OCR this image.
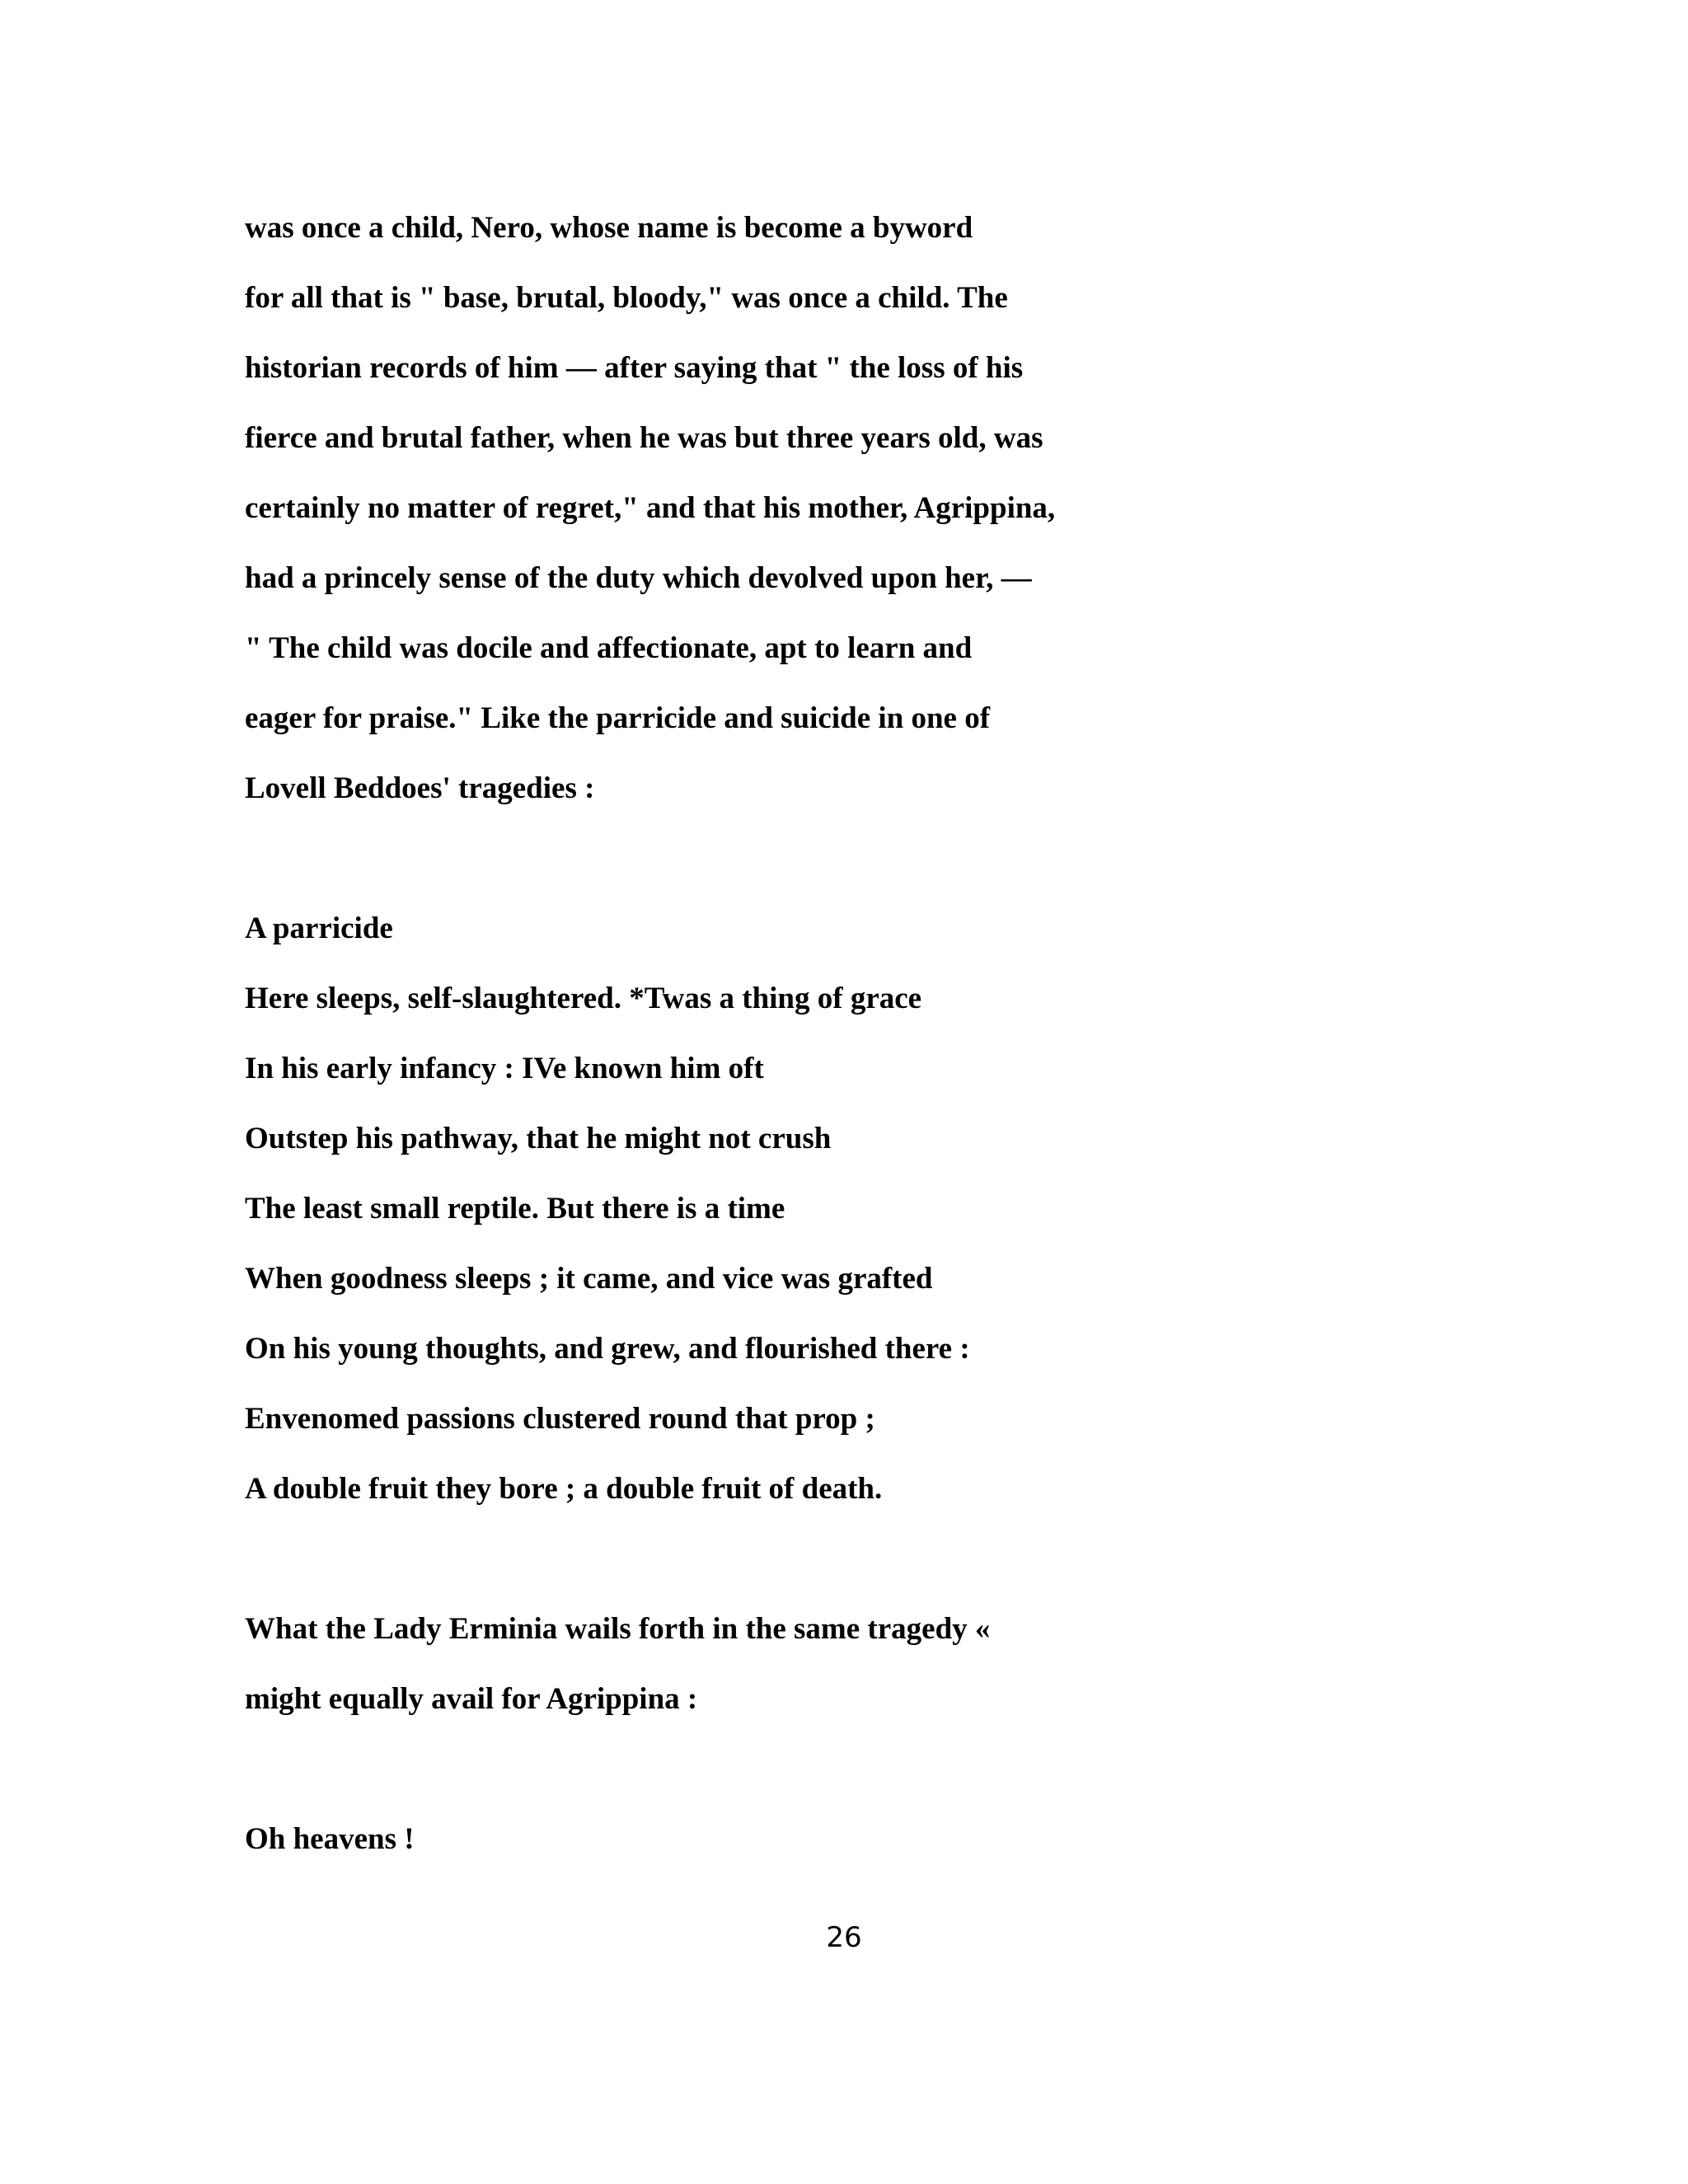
was once a child, Nero, whose name is become a byword
for all that is " base, brutal, bloody," was once a child. The
historian records of him — after saying that " the loss of his
fierce and brutal father, when he was but three years old, was
certainly no matter of regret," and that his mother, Agrippina,
had a princely sense of the duty which devolved upon her, —
" The child was docile and affectionate, apt to learn and
eager for praise." Like the parricide and suicide in one of
Lovell Beddoes' tragedies :
A parricide
Here sleeps, self-slaughtered. *Twas a thing of grace
In his early infancy : IVe known him oft
Outstep his pathway, that he might not crush
The least small reptile. But there is a time
When goodness sleeps ; it came, and vice was grafted
On his young thoughts, and grew, and flourished there :
Envenomed passions clustered round that prop ;
A double fruit they bore ; a double fruit of death.
What the Lady Erminia wails forth in the same tragedy «
might equally avail for Agrippina :
Oh heavens !
26
